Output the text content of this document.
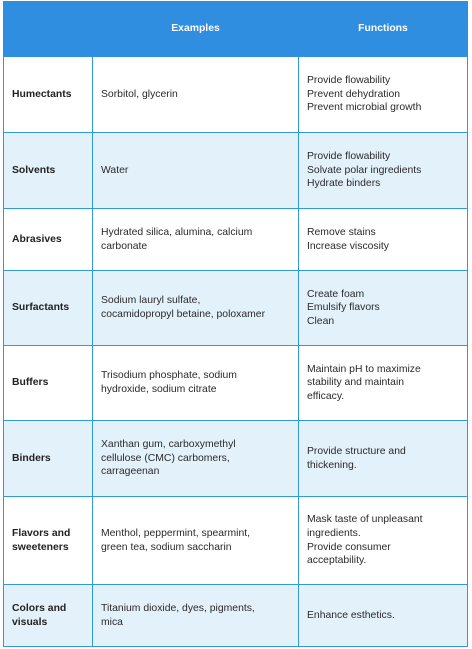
	Examples	Functions

Humectants	Sorbitol, glycerin	Provide flowability
Prevent dehydration
Prevent microbial growth

Solvents	Water	Provide flowability
Solvate polar ingredients
Hydrate binders

Abrasives	Hydrated silica, alumina, calcium
carbonate	Remove stains
Increase viscosity

Surfactants	Sodium lauryl sulfate,
cocamidopropyl betaine, poloxamer	Create foam
Emulsify flavors
Clean

Buffers	Trisodium phosphate, sodium
hydroxide, sodium citrate	Maintain pH to maximize
stability and maintain
efficacy.

Binders	Xanthan gum, carboxymethyl
cellulose (CMC) carbomers,
carrageenan	Provide structure and
thickening.

Flavors and
sweeteners	Menthol, peppermint, spearmint,
green tea, sodium saccharin	Mask taste of unpleasant
ingredients.
Provide consumer
acceptability.

Colors and
visuals	Titanium dioxide, dyes, pigments,
mica	Enhance esthetics.
